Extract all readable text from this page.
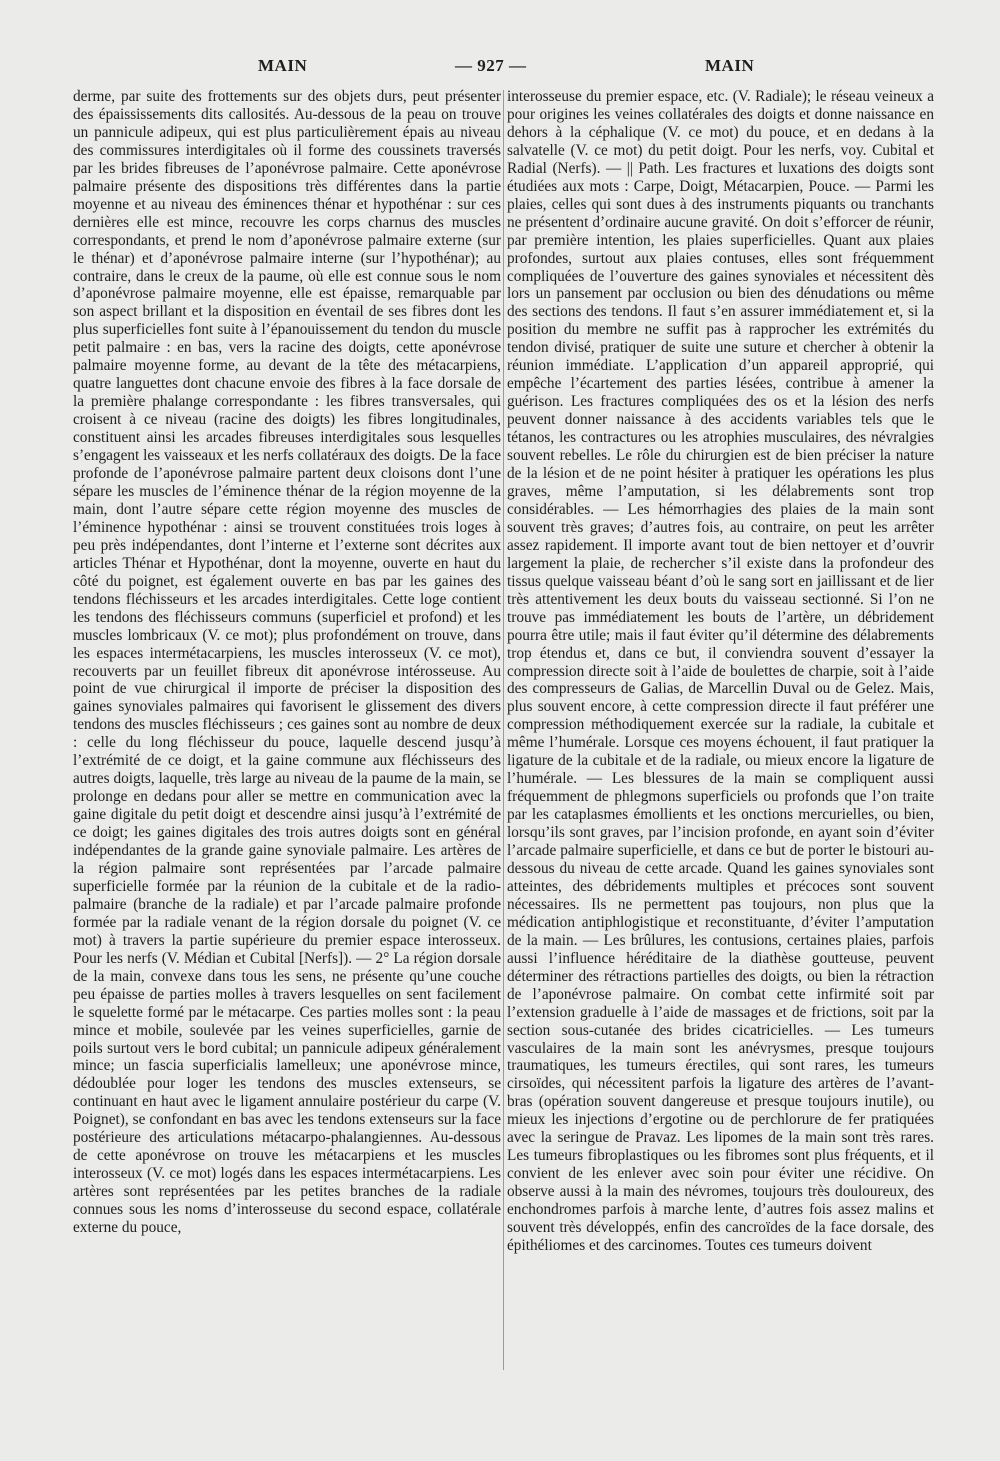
MAIN	— 927 —	MAIN

derme, par suite des frottements sur des objets durs, peut présenter des épaississements dits callosités. Au-dessous de la peau on trouve un pannicule adipeux, qui est plus particulièrement épais au niveau des commissures interdigitales où il forme des coussinets traversés par les brides fibreuses de l’aponévrose palmaire. Cette aponévrose palmaire présente des dispositions très différentes dans la partie moyenne et au niveau des éminences thénar et hypothénar : sur ces dernières elle est mince, recouvre les corps charnus des muscles correspondants, et prend le nom d’aponévrose palmaire externe (sur le thénar) et d’aponévrose palmaire interne (sur l’hypothénar); au contraire, dans le creux de la paume, où elle est connue sous le nom d’aponévrose palmaire moyenne, elle est épaisse, remarquable par son aspect brillant et la disposition en éventail de ses fibres dont les plus superficielles font suite à l’épanouissement du tendon du muscle petit palmaire : en bas, vers la racine des doigts, cette aponévrose palmaire moyenne forme, au devant de la tête des métacarpiens, quatre languettes dont chacune envoie des fibres à la face dorsale de la première phalange correspondante : les fibres transversales, qui croisent à ce niveau (racine des doigts) les fibres longitudinales, constituent ainsi les arcades fibreuses interdigitales sous lesquelles s’engagent les vaisseaux et les nerfs collatéraux des doigts. De la face profonde de l’aponévrose palmaire partent deux cloisons dont l’une sépare les muscles de l’éminence thénar de la région moyenne de la main, dont l’autre sépare cette région moyenne des muscles de l’éminence hypothénar : ainsi se trouvent constituées trois loges à peu près indépendantes, dont l’interne et l’externe sont décrites aux articles Thénar et Hypothénar, dont la moyenne, ouverte en haut du côté du poignet, est également ouverte en bas par les gaines des tendons fléchisseurs et les arcades interdigitales. Cette loge contient les tendons des fléchisseurs communs (superficiel et profond) et les muscles lombricaux (V. ce mot); plus profondément on trouve, dans les espaces intermétacarpiens, les muscles interosseux (V. ce mot), recouverts par un feuillet fibreux dit aponévrose intérosseuse. Au point de vue chirurgical il importe de préciser la disposition des gaines synoviales palmaires qui favorisent le glissement des divers tendons des muscles fléchisseurs ; ces gaines sont au nombre de deux : celle du long fléchisseur du pouce, laquelle descend jusqu’à l’extrémité de ce doigt, et la gaine commune aux fléchisseurs des autres doigts, laquelle, très large au niveau de la paume de la main, se prolonge en dedans pour aller se mettre en communication avec la gaine digitale du petit doigt et descendre ainsi jusqu’à l’extrémité de ce doigt; les gaines digitales des trois autres doigts sont en général indépendantes de la grande gaine synoviale palmaire. Les artères de la région palmaire sont représentées par l’arcade palmaire superficielle formée par la réunion de la cubitale et de la radio-palmaire (branche de la radiale) et par l’arcade palmaire profonde formée par la radiale venant de la région dorsale du poignet (V. ce mot) à travers la partie supérieure du premier espace interosseux. Pour les nerfs (V. Médian et Cubital [Nerfs]). — 2° La région dorsale de la main, convexe dans tous les sens, ne présente qu’une couche peu épaisse de parties molles à travers lesquelles on sent facilement le squelette formé par le métacarpe. Ces parties molles sont : la peau mince et mobile, soulevée par les veines superficielles, garnie de poils surtout vers le bord cubital; un pannicule adipeux généralement mince; un fascia superficialis lamelleux; une aponévrose mince, dédoublée pour loger les tendons des muscles extenseurs, se continuant en haut avec le ligament annulaire postérieur du carpe (V. Poignet), se confondant en bas avec les tendons extenseurs sur la face postérieure des articulations métacarpo-phalangiennes. Au-dessous de cette aponévrose on trouve les métacarpiens et les muscles interosseux (V. ce mot) logés dans les espaces intermétacarpiens. Les artères sont représentées par les petites branches de la radiale connues sous les noms d’interosseuse du second espace, collatérale externe du pouce,

interosseuse du premier espace, etc. (V. Radiale); le réseau veineux a pour origines les veines collatérales des doigts et donne naissance en dehors à la céphalique (V. ce mot) du pouce, et en dedans à la salvatelle (V. ce mot) du petit doigt. Pour les nerfs, voy. Cubital et Radial (Nerfs). — || Path. Les fractures et luxations des doigts sont étudiées aux mots : Carpe, Doigt, Métacarpien, Pouce. — Parmi les plaies, celles qui sont dues à des instruments piquants ou tranchants ne présentent d’ordinaire aucune gravité. On doit s’efforcer de réunir, par première intention, les plaies superficielles. Quant aux plaies profondes, surtout aux plaies contuses, elles sont fréquemment compliquées de l’ouverture des gaines synoviales et nécessitent dès lors un pansement par occlusion ou bien des dénudations ou même des sections des tendons. Il faut s’en assurer immédiatement et, si la position du membre ne suffit pas à rapprocher les extrémités du tendon divisé, pratiquer de suite une suture et chercher à obtenir la réunion immédiate. L’application d’un appareil approprié, qui empêche l’écartement des parties lésées, contribue à amener la guérison. Les fractures compliquées des os et la lésion des nerfs peuvent donner naissance à des accidents variables tels que le tétanos, les contractures ou les atrophies musculaires, des névralgies souvent rebelles. Le rôle du chirurgien est de bien préciser la nature de la lésion et de ne point hésiter à pratiquer les opérations les plus graves, même l’amputation, si les délabrements sont trop considérables. — Les hémorrhagies des plaies de la main sont souvent très graves; d’autres fois, au contraire, on peut les arrêter assez rapidement. Il importe avant tout de bien nettoyer et d’ouvrir largement la plaie, de rechercher s’il existe dans la profondeur des tissus quelque vaisseau béant d’où le sang sort en jaillissant et de lier très attentivement les deux bouts du vaisseau sectionné. Si l’on ne trouve pas immédiatement les bouts de l’artère, un débridement pourra être utile; mais il faut éviter qu’il détermine des délabrements trop étendus et, dans ce but, il conviendra souvent d’essayer la compression directe soit à l’aide de boulettes de charpie, soit à l’aide des compresseurs de Galias, de Marcellin Duval ou de Gelez. Mais, plus souvent encore, à cette compression directe il faut préférer une compression méthodiquement exercée sur la radiale, la cubitale et même l’humérale. Lorsque ces moyens échouent, il faut pratiquer la ligature de la cubitale et de la radiale, ou mieux encore la ligature de l’humérale. — Les blessures de la main se compliquent aussi fréquemment de phlegmons superficiels ou profonds que l’on traite par les cataplasmes émollients et les onctions mercurielles, ou bien, lorsqu’ils sont graves, par l’incision profonde, en ayant soin d’éviter l’arcade palmaire superficielle, et dans ce but de porter le bistouri au-dessous du niveau de cette arcade. Quand les gaines synoviales sont atteintes, des débridements multiples et précoces sont souvent nécessaires. Ils ne permettent pas toujours, non plus que la médication antiphlogistique et reconstituante, d’éviter l’amputation de la main. — Les brûlures, les contusions, certaines plaies, parfois aussi l’influence héréditaire de la diathèse goutteuse, peuvent déterminer des rétractions partielles des doigts, ou bien la rétraction de l’aponévrose palmaire. On combat cette infirmité soit par l’extension graduelle à l’aide de massages et de frictions, soit par la section sous-cutanée des brides cicatricielles. — Les tumeurs vasculaires de la main sont les anévrysmes, presque toujours traumatiques, les tumeurs érectiles, qui sont rares, les tumeurs cirsoïdes, qui nécessitent parfois la ligature des artères de l’avant-bras (opération souvent dangereuse et presque toujours inutile), ou mieux les injections d’ergotine ou de perchlorure de fer pratiquées avec la seringue de Pravaz. Les lipomes de la main sont très rares. Les tumeurs fibroplastiques ou les fibromes sont plus fréquents, et il convient de les enlever avec soin pour éviter une récidive. On observe aussi à la main des névromes, toujours très douloureux, des enchondromes parfois à marche lente, d’autres fois assez malins et souvent très développés, enfin des cancroïdes de la face dorsale, des épithéliomes et des carcinomes. Toutes ces tumeurs doivent
